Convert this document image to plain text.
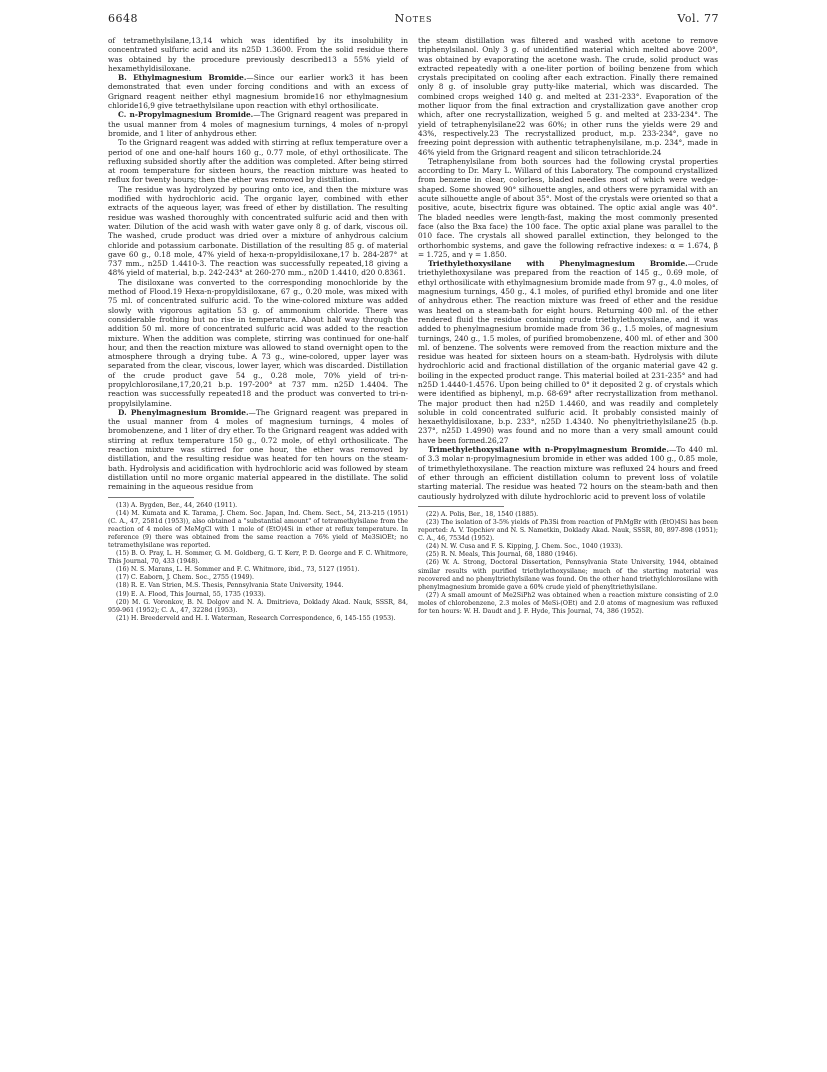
6648	Notes	Vol. 77

of tetramethylsilane,13,14 which was identified by its insolubility in concentrated sulfuric acid and its n25D 1.3600. From the solid residue there was obtained by the procedure previously described13 a 55% yield of hexamethyldisiloxane.

B. Ethylmagnesium Bromide.—Since our earlier work3 it has been demonstrated that even under forcing conditions and with an excess of Grignard reagent neither ethyl magnesium bromide16 nor ethylmagnesium chloride16,9 give tetraethylsilane upon reaction with ethyl orthosilicate.

C. n-Propylmagnesium Bromide.—The Grignard reagent was prepared in the usual manner from 4 moles of magnesium turnings, 4 moles of n-propyl bromide, and 1 liter of anhydrous ether.

To the Grignard reagent was added with stirring at reflux temperature over a period of one and one-half hours 160 g., 0.77 mole, of ethyl orthosilicate. The refluxing subsided shortly after the addition was completed. After being stirred at room temperature for sixteen hours, the reaction mixture was heated to reflux for twenty hours; then the ether was removed by distillation.

The residue was hydrolyzed by pouring onto ice, and then the mixture was modified with hydrochloric acid. The organic layer, combined with ether extracts of the aqueous layer, was freed of ether by distillation. The resulting residue was washed thoroughly with concentrated sulfuric acid and then with water. Dilution of the acid wash with water gave only 8 g. of dark, viscous oil. The washed, crude product was dried over a mixture of anhydrous calcium chloride and potassium carbonate. Distillation of the resulting 85 g. of material gave 60 g., 0.18 mole, 47% yield of hexa-n-propyldisiloxane,17 b. 284-287° at 737 mm., n25D 1.4410-3. The reaction was successfully repeated,18 giving a 48% yield of material, b.p. 242-243° at 260-270 mm., n20D 1.4410, d20 0.8361.

The disiloxane was converted to the corresponding monochloride by the method of Flood.19 Hexa-n-propyldisiloxane, 67 g., 0.20 mole, was mixed with 75 ml. of concentrated sulfuric acid. To the wine-colored mixture was added slowly with vigorous agitation 53 g. of ammonium chloride. There was considerable frothing but no rise in temperature. About half way through the addition 50 ml. more of concentrated sulfuric acid was added to the reaction mixture. When the addition was complete, stirring was continued for one-half hour, and then the reaction mixture was allowed to stand overnight open to the atmosphere through a drying tube. A 73 g., wine-colored, upper layer was separated from the clear, viscous, lower layer, which was discarded. Distillation of the crude product gave 54 g., 0.28 mole, 70% yield of tri-n-propylchlorosilane,17,20,21 b.p. 197-200° at 737 mm. n25D 1.4404. The reaction was successfully repeated18 and the product was converted to tri-n-propylsilylamine.

D. Phenylmagnesium Bromide.—The Grignard reagent was prepared in the usual manner from 4 moles of magnesium turnings, 4 moles of bromobenzene, and 1 liter of dry ether. To the Grignard reagent was added with stirring at reflux temperature 150 g., 0.72 mole, of ethyl orthosilicate. The reaction mixture was stirred for one hour, the ether was removed by distillation, and the resulting residue was heated for ten hours on the steam-bath. Hydrolysis and acidification with hydrochloric acid was followed by steam distillation until no more organic material appeared in the distillate. The solid remaining in the aqueous residue from

(13) A. Bygden, Ber., 44, 2640 (1911).
(14) M. Kumata and K. Tarama, J. Chem. Soc. Japan, Ind. Chem. Sect., 54, 213-215 (1951) (C. A., 47, 2581d (1953)), also obtained a "substantial amount" of tetramethylsilane from the reaction of 4 moles of MeMgCl with 1 mole of (EtO)4Si in ether at reflux temperature. In reference (9) there was obtained from the same reaction a 76% yield of Me3SiOEt; no tetramethylsilane was reported.
(15) B. O. Pray, L. H. Sommer, G. M. Goldberg, G. T. Kerr, P. D. George and F. C. Whitmore, This Journal, 70, 433 (1948).
(16) N. S. Marans, L. H. Sommer and F. C. Whitmore, ibid., 73, 5127 (1951).
(17) C. Eaborn, J. Chem. Soc., 2755 (1949).
(18) R. E. Van Strien, M.S. Thesis, Pennsylvania State University, 1944.
(19) E. A. Flood, This Journal, 55, 1735 (1933).
(20) M. G. Voronkov, B. N. Dolgov and N. A. Dmitrieva, Doklady Akad. Nauk, SSSR, 84, 959-961 (1952); C. A., 47, 3228d (1953).
(21) H. Breederveld and H. I. Waterman, Research Correspondence, 6, 145-155 (1953).

the steam distillation was filtered and washed with acetone to remove triphenylsilanol. Only 3 g. of unidentified material which melted above 200°, was obtained by evaporating the acetone wash. The crude, solid product was extracted repeatedly with a one-liter portion of boiling benzene from which crystals precipitated on cooling after each extraction. Finally there remained only 8 g. of insoluble gray putty-like material, which was discarded. The combined crops weighed 140 g. and melted at 231-233°. Evaporation of the mother liquor from the final extraction and crystallization gave another crop which, after one recrystallization, weighed 5 g. and melted at 233-234°. The yield of tetraphenylsilane22 was 60%; in other runs the yields were 29 and 43%, respectively.23 The recrystallized product, m.p. 233-234°, gave no freezing point depression with authentic tetraphenylsilane, m.p. 234°, made in 46% yield from the Grignard reagent and silicon tetrachloride.24

Tetraphenylsilane from both sources had the following crystal properties according to Dr. Mary L. Willard of this Laboratory. The compound crystallized from benzene in clear, colorless, bladed needles most of which were wedge-shaped. Some showed 90° silhouette angles, and others were pyramidal with an acute silhouette angle of about 35°. Most of the crystals were oriented so that a positive, acute, bisectrix figure was obtained. The optic axial angle was 40°. The bladed needles were length-fast, making the most commonly presented face (also the Bxa face) the 100 face. The optic axial plane was parallel to the 010 face. The crystals all showed parallel extinction, they belonged to the orthorhombic systems, and gave the following refractive indexes: α = 1.674, β = 1.725, and γ = 1.850.

Triethylethoxysilane with Phenylmagnesium Bromide.—Crude triethylethoxysilane was prepared from the reaction of 145 g., 0.69 mole, of ethyl orthosilicate with ethylmagnesium bromide made from 97 g., 4.0 moles, of magnesium turnings, 450 g., 4.1 moles, of purified ethyl bromide and one liter of anhydrous ether. The reaction mixture was freed of ether and the residue was heated on a steam-bath for eight hours. Returning 400 ml. of the ether rendered fluid the residue containing crude triethylethoxysilane, and it was added to phenylmagnesium bromide made from 36 g., 1.5 moles, of magnesium turnings, 240 g., 1.5 moles, of purified bromobenzene, 400 ml. of ether and 300 ml. of benzene. The solvents were removed from the reaction mixture and the residue was heated for sixteen hours on a steam-bath. Hydrolysis with dilute hydrochloric acid and fractional distillation of the organic material gave 42 g. boiling in the expected product range. This material boiled at 231-235° and had n25D 1.4440-1.4576. Upon being chilled to 0° it deposited 2 g. of crystals which were identified as biphenyl, m.p. 68-69° after recrystallization from methanol. The major product then had n25D 1.4460, and was readily and completely soluble in cold concentrated sulfuric acid. It probably consisted mainly of hexaethyldisiloxane, b.p. 233°, n25D 1.4340. No phenyltriethylsilane25 (b.p. 237°, n25D 1.4990) was found and no more than a very small amount could have been formed.26,27

Trimethylethoxysilane with n-Propylmagnesium Bromide.—To 440 ml. of 3.3 molar n-propylmagnesium bromide in ether was added 100 g., 0.85 mole, of trimethylethoxysilane. The reaction mixture was refluxed 24 hours and freed of ether through an efficient distillation column to prevent loss of volatile starting material. The residue was heated 72 hours on the steam-bath and then cautiously hydrolyzed with dilute hydrochloric acid to prevent loss of volatile

(22) A. Polis, Ber., 18, 1540 (1885).
(23) The isolation of 3-5% yields of Ph3Si from reaction of PhMgBr with (EtO)4Si has been reported: A. V. Topchiev and N. S. Nametkin, Doklady Akad. Nauk, SSSR, 80, 897-898 (1951); C. A., 46, 7534d (1952).
(24) N. W. Cusa and F. S. Kipping, J. Chem. Soc., 1040 (1933).
(25) R. N. Meals, This Journal, 68, 1880 (1946).
(26) W. A. Strong, Doctoral Dissertation, Pennsylvania State University, 1944, obtained similar results with purified triethylethoxysilane; much of the starting material was recovered and no phenyltriethylsilane was found. On the other hand triethylchlorosilane with phenylmagnesium bromide gave a 60% crude yield of phenyltriethylsilane.
(27) A small amount of Me2SiPh2 was obtained when a reaction mixture consisting of 2.0 moles of chlorobenzene, 2.3 moles of MeSi-(OEt) and 2.0 atoms of magnesium was refluxed for ten hours: W. H. Daudt and J. F. Hyde, This Journal, 74, 386 (1952).
